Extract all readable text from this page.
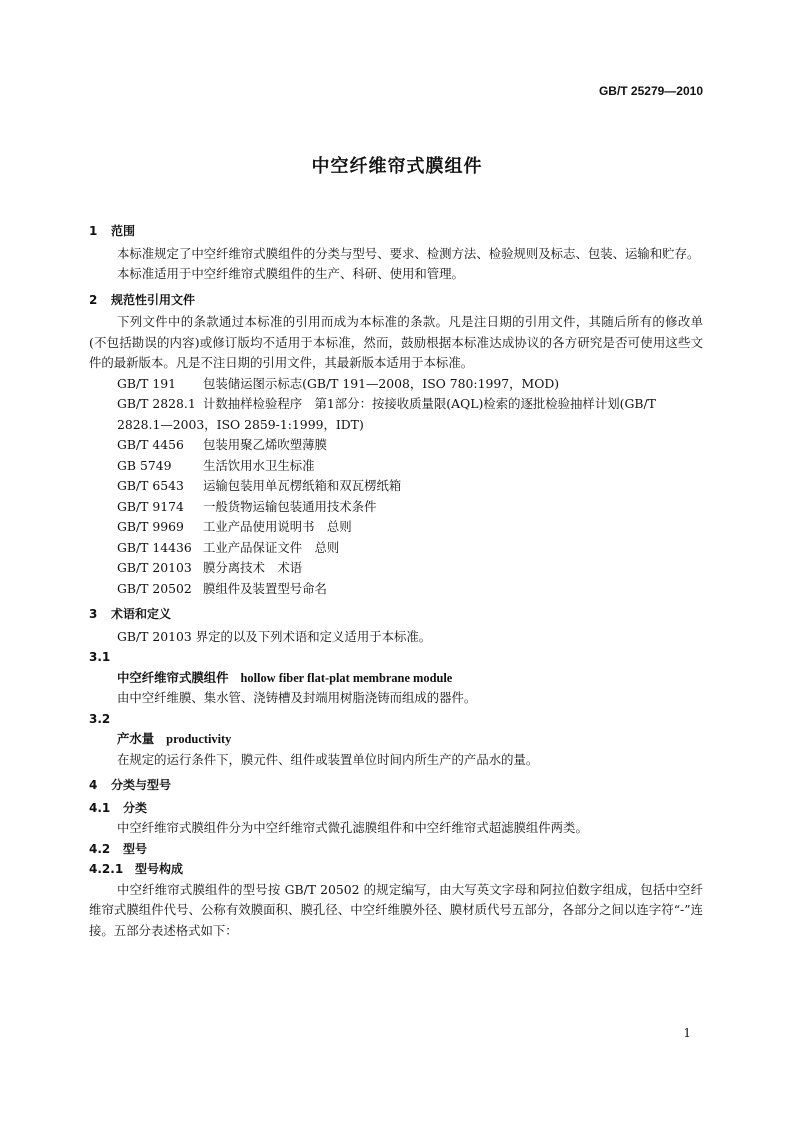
GB/T 25279—2010
中空纤维帘式膜组件
1 范围

本标准规定了中空纤维帘式膜组件的分类与型号、要求、检测方法、检验规则及标志、包装、运输和贮存。

本标准适用于中空纤维帘式膜组件的生产、科研、使用和管理。

2 规范性引用文件

下列文件中的条款通过本标准的引用而成为本标准的条款。凡是注日期的引用文件，其随后所有的修改单(不包括勘误的内容)或修订版均不适用于本标准，然而，鼓励根据本标准达成协议的各方研究是否可使用这些文件的最新版本。凡是不注日期的引用文件，其最新版本适用于本标准。

GB/T 191 包装储运图示标志(GB/T 191—2008，ISO 780:1997，MOD)

GB/T 2828.1 计数抽样检验程序　第1部分：按接收质量限(AQL)检索的逐批检验抽样计划(GB/T 2828.1—2003，ISO 2859-1:1999，IDT)

GB/T 4456 包装用聚乙烯吹塑薄膜

GB 5749	生活饮用水卫生标准

GB/T 6543 运输包装用单瓦楞纸箱和双瓦楞纸箱

GB/T 9174 一般货物运输包装通用技术条件

GB/T 9969 工业产品使用说明书　总则

GB/T 14436 工业产品保证文件　总则

GB/T 20103 膜分离技术　术语

GB/T 20502 膜组件及装置型号命名

3 术语和定义

GB/T 20103 界定的以及下列术语和定义适用于本标准。

3.1
中空纤维帘式膜组件 hollow fiber flat-plat membrane module

由中空纤维膜、集水管、浇铸槽及封端用树脂浇铸而组成的器件。

3.2
产水量 productivity

在规定的运行条件下，膜元件、组件或装置单位时间内所生产的产品水的量。

4 分类与型号
4.1 分类

中空纤维帘式膜组件分为中空纤维帘式微孔滤膜组件和中空纤维帘式超滤膜组件两类。

4.2 型号
4.2.1 型号构成

中空纤维帘式膜组件的型号按 GB/T 20502 的规定编写，由大写英文字母和阿拉伯数字组成，包括中空纤维帘式膜组件代号、公称有效膜面积、膜孔径、中空纤维膜外径、膜材质代号五部分，各部分之间以连字符“-”连接。五部分表述格式如下：

1
